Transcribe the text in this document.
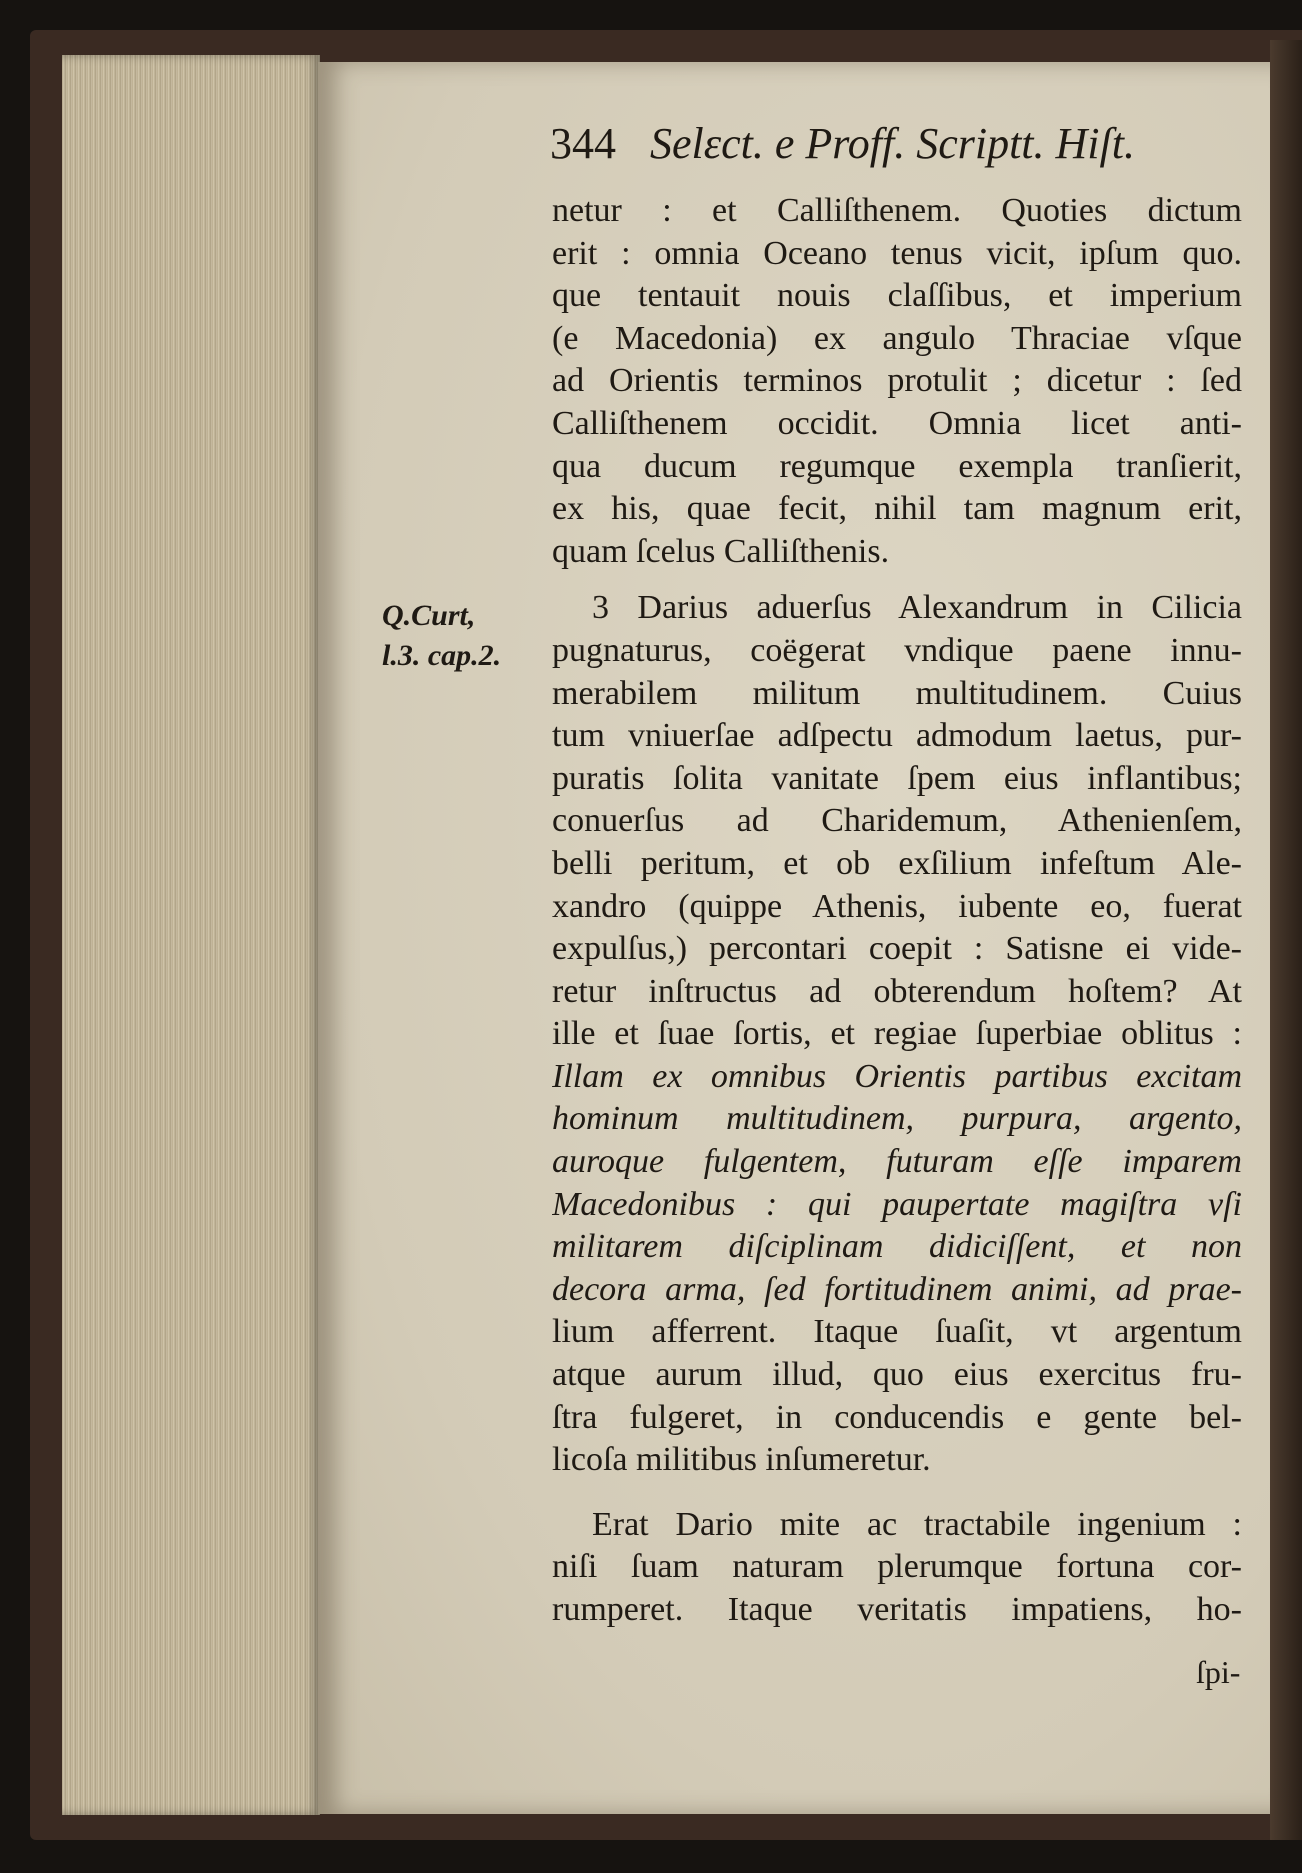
344 Selεct. e Proff. Scriptt. Hiſt.
Q.Curt,
l.3. cap.2.
netur : et Calliſthenem. Quoties dictum
erit : omnia Oceano tenus vicit, ipſum quo.
que tentauit nouis claſſibus, et imperium
(e Macedonia) ex angulo Thraciae vſque
ad Orientis terminos protulit ; dicetur : ſed
Calliſthenem occidit. Omnia licet anti-
qua ducum regumque exempla tranſierit,
ex his, quae fecit, nihil tam magnum erit,
quam ſcelus Calliſthenis.
3 Darius aduerſus Alexandrum in Cilicia
pugnaturus, coëgerat vndique paene innu-
merabilem militum multitudinem. Cuius
tum vniuerſae adſpectu admodum laetus, pur-
puratis ſolita vanitate ſpem eius inflantibus;
conuerſus ad Charidemum, Athenienſem,
belli peritum, et ob exſilium infeſtum Ale-
xandro (quippe Athenis, iubente eo, fuerat
expulſus,) percontari coepit : Satisne ei vide-
retur inſtructus ad obterendum hoſtem? At
ille et ſuae ſortis, et regiae ſuperbiae oblitus :
Illam ex omnibus Orientis partibus excitam
hominum multitudinem, purpura, argento,
auroque fulgentem, futuram eſſe imparem
Macedonibus : qui paupertate magiſtra vſi
militarem diſciplinam didiciſſent, et non
decora arma, ſed fortitudinem animi, ad prae-
lium afferrent. Itaque ſuaſit, vt argentum
atque aurum illud, quo eius exercitus fru-
ſtra fulgeret, in conducendis e gente bel-
licoſa militibus inſumeretur.
Erat Dario mite ac tractabile ingenium :
niſi ſuam naturam plerumque fortuna cor-
rumperet. Itaque veritatis impatiens, ho-
ſpi-
